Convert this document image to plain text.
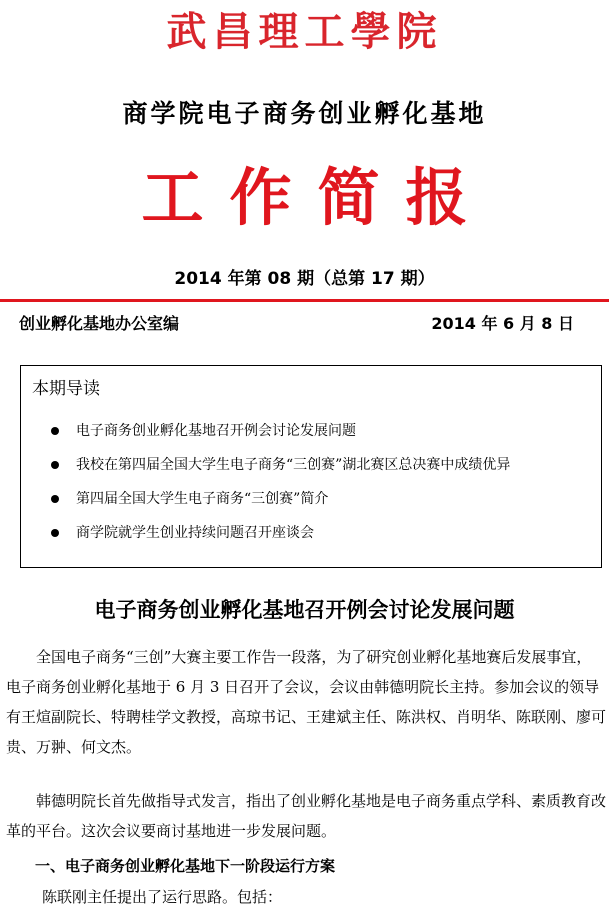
武昌理工學院
商学院电子商务创业孵化基地
工作简报
2014 年第 08 期（总第 17 期）
创业孵化基地办公室编	2014 年 6 月 8 日
本期导读
电子商务创业孵化基地召开例会讨论发展问题
我校在第四届全国大学生电子商务“三创赛”湖北赛区总决赛中成绩优异
第四届全国大学生电子商务“三创赛”简介
商学院就学生创业持续问题召开座谈会
电子商务创业孵化基地召开例会讨论发展问题

全国电子商务“三创”大赛主要工作告一段落，为了研究创业孵化基地赛后发展事宜，电子商务创业孵化基地于 6 月 3 日召开了会议，会议由韩德明院长主持。参加会议的领导有王煊副院长、特聘桂学文教授，高琼书记、王建斌主任、陈洪权、肖明华、陈联刚、廖可贵、万翀、何文杰。

韩德明院长首先做指导式发言，指出了创业孵化基地是电子商务重点学科、素质教育改革的平台。这次会议要商讨基地进一步发展问题。

一、电子商务创业孵化基地下一阶段运行方案
陈联刚主任提出了运行思路。包括：
